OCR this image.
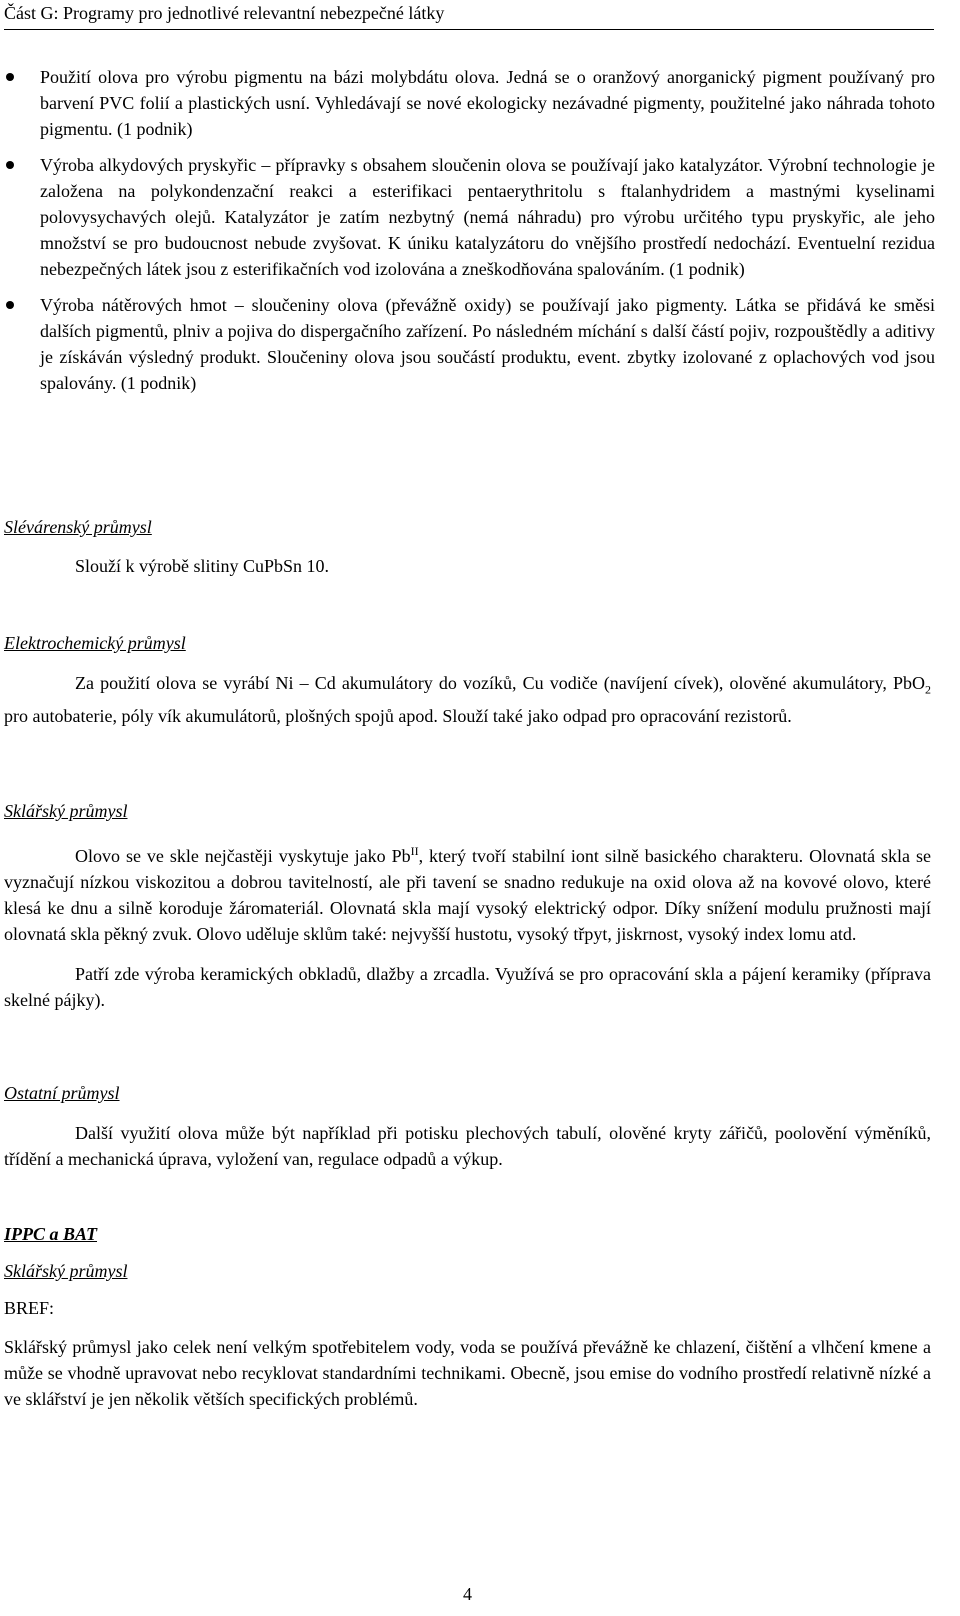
Část G: Programy pro jednotlivé relevantní nebezpečné látky
Použití olova pro výrobu pigmentu na bázi molybdátu olova. Jedná se o oranžový anorganický pigment používaný pro barvení PVC folií a plastických usní. Vyhledávají se nové ekologicky nezávadné pigmenty, použitelné jako náhrada tohoto pigmentu. (1 podnik)
Výroba alkydových pryskyřic – přípravky s obsahem sloučenin olova se používají jako katalyzátor. Výrobní technologie je založena na polykondenzační reakci a esterifikaci pentaerythritolu s ftalanhydridem a mastnými kyselinami polovysychavých olejů. Katalyzátor je zatím nezbytný (nemá náhradu) pro výrobu určitého typu pryskyřic, ale jeho množství se pro budoucnost nebude zvyšovat. K úniku katalyzátoru do vnějšího prostředí nedochází. Eventuelní rezidua nebezpečných látek jsou z esterifikačních vod izolována a zneškodňována spalováním. (1 podnik)
Výroba nátěrových hmot – sloučeniny olova (převážně oxidy) se používají jako pigmenty. Látka se přidává ke směsi dalších pigmentů, plniv a pojiva do dispergačního zařízení. Po následném míchání s další částí pojiv, rozpouštědly a aditivy je získáván výsledný produkt. Sloučeniny olova jsou součástí produktu, event. zbytky izolované z oplachových vod jsou spalovány. (1 podnik)

Slévárenský průmysl

Slouží k výrobě slitiny CuPbSn 10.

Elektrochemický průmysl

Za použití olova se vyrábí Ni – Cd akumulátory do vozíků, Cu vodiče (navíjení cívek), olověné akumulátory, PbO$_2$ pro autobaterie, póly vík akumulátorů, plošných spojů apod. Slouží také jako odpad pro opracování rezistorů.

Sklářský průmysl

Olovo se ve skle nejčastěji vyskytuje jako $Pb^{II}$, který tvoří stabilní iont silně basického charakteru. Olovnatá skla se vyznačují nízkou viskozitou a dobrou tavitelností, ale při tavení se snadno redukuje na oxid olova až na kovové olovo, které klesá ke dnu a silně koroduje žáromateriál. Olovnatá skla mají vysoký elektrický odpor. Díky snížení modulu pružnosti mají olovnatá skla pěkný zvuk. Olovo uděluje sklům také: nejvyšší hustotu, vysoký třpyt, jiskrnost, vysoký index lomu atd.

Patří zde výroba keramických obkladů, dlažby a zrcadla. Využívá se pro opracování skla a pájení keramiky (příprava skelné pájky).

Ostatní průmysl

Další využití olova může být například při potisku plechových tabulí, olověné kryty zářičů, poolovění výměníků, třídění a mechanická úprava, vyložení van, regulace odpadů a výkup.

IPPC a BAT

Sklářský průmysl

BREF:

Sklářský průmysl jako celek není velkým spotřebitelem vody, voda se používá převážně ke chlazení, čištění a vlhčení kmene a může se vhodně upravovat nebo recyklovat standardními technikami. Obecně, jsou emise do vodního prostředí relativně nízké a ve sklářství je jen několik větších specifických problémů.

4
